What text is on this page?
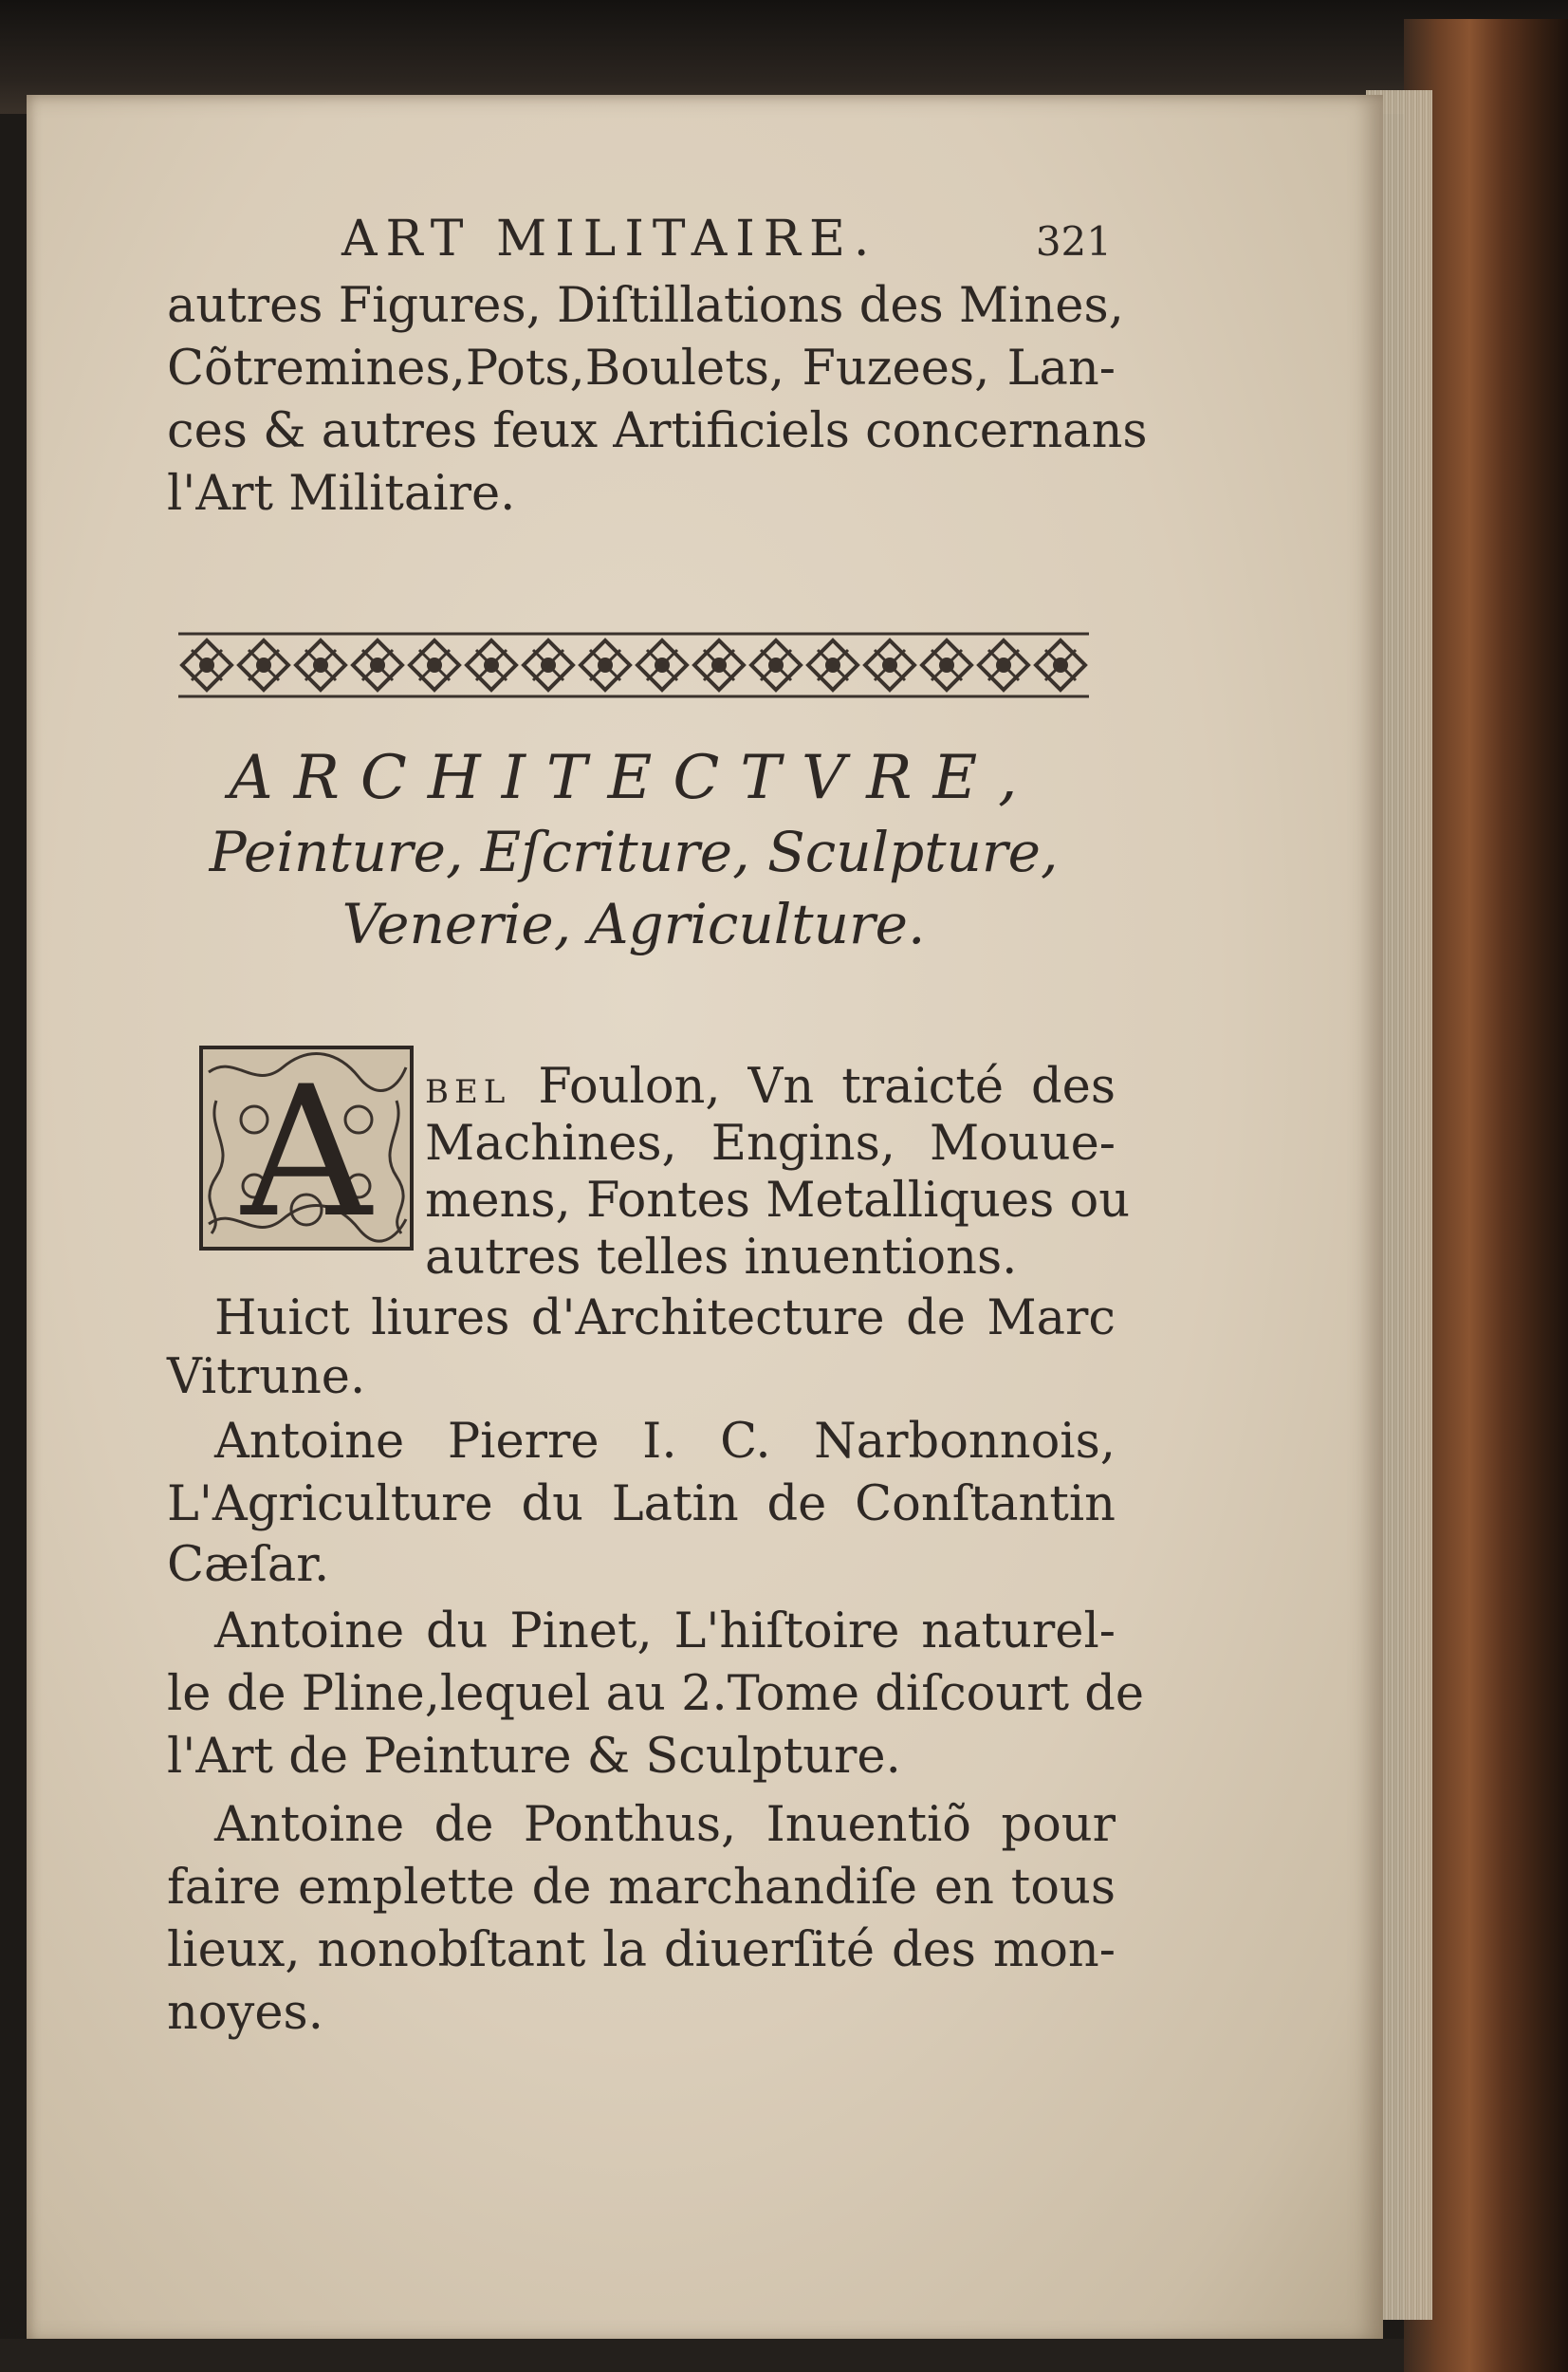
ART MILITAIRE.	321
autres Figures, Diſtillations des Mines,
Cõtremines,Pots,Boulets, Fuzees, Lan-
ces & autres feux Artificiels concernans
l'Art Militaire.
ARCHITECTVRE,
Peinture, Eſcriture, Sculpture,
Venerie, Agriculture.
A BEL Foulon, Vn traicté des
Machines, Engins, Mouue-
mens, Fontes Metalliques ou
autres telles inuentions.
Huict liures d'Architecture de Marc
Vitrune.
Antoine Pierre I. C. Narbonnois,
L'Agriculture du Latin de Conſtantin
Cæſar.
Antoine du Pinet, L'hiſtoire naturel-
le de Pline,lequel au 2.Tome diſcourt de
l'Art de Peinture & Sculpture.
Antoine de Ponthus, Inuentiõ pour
faire emplette de marchandiſe en tous
lieux, nonobſtant la diuerſité des mon-
noyes.
